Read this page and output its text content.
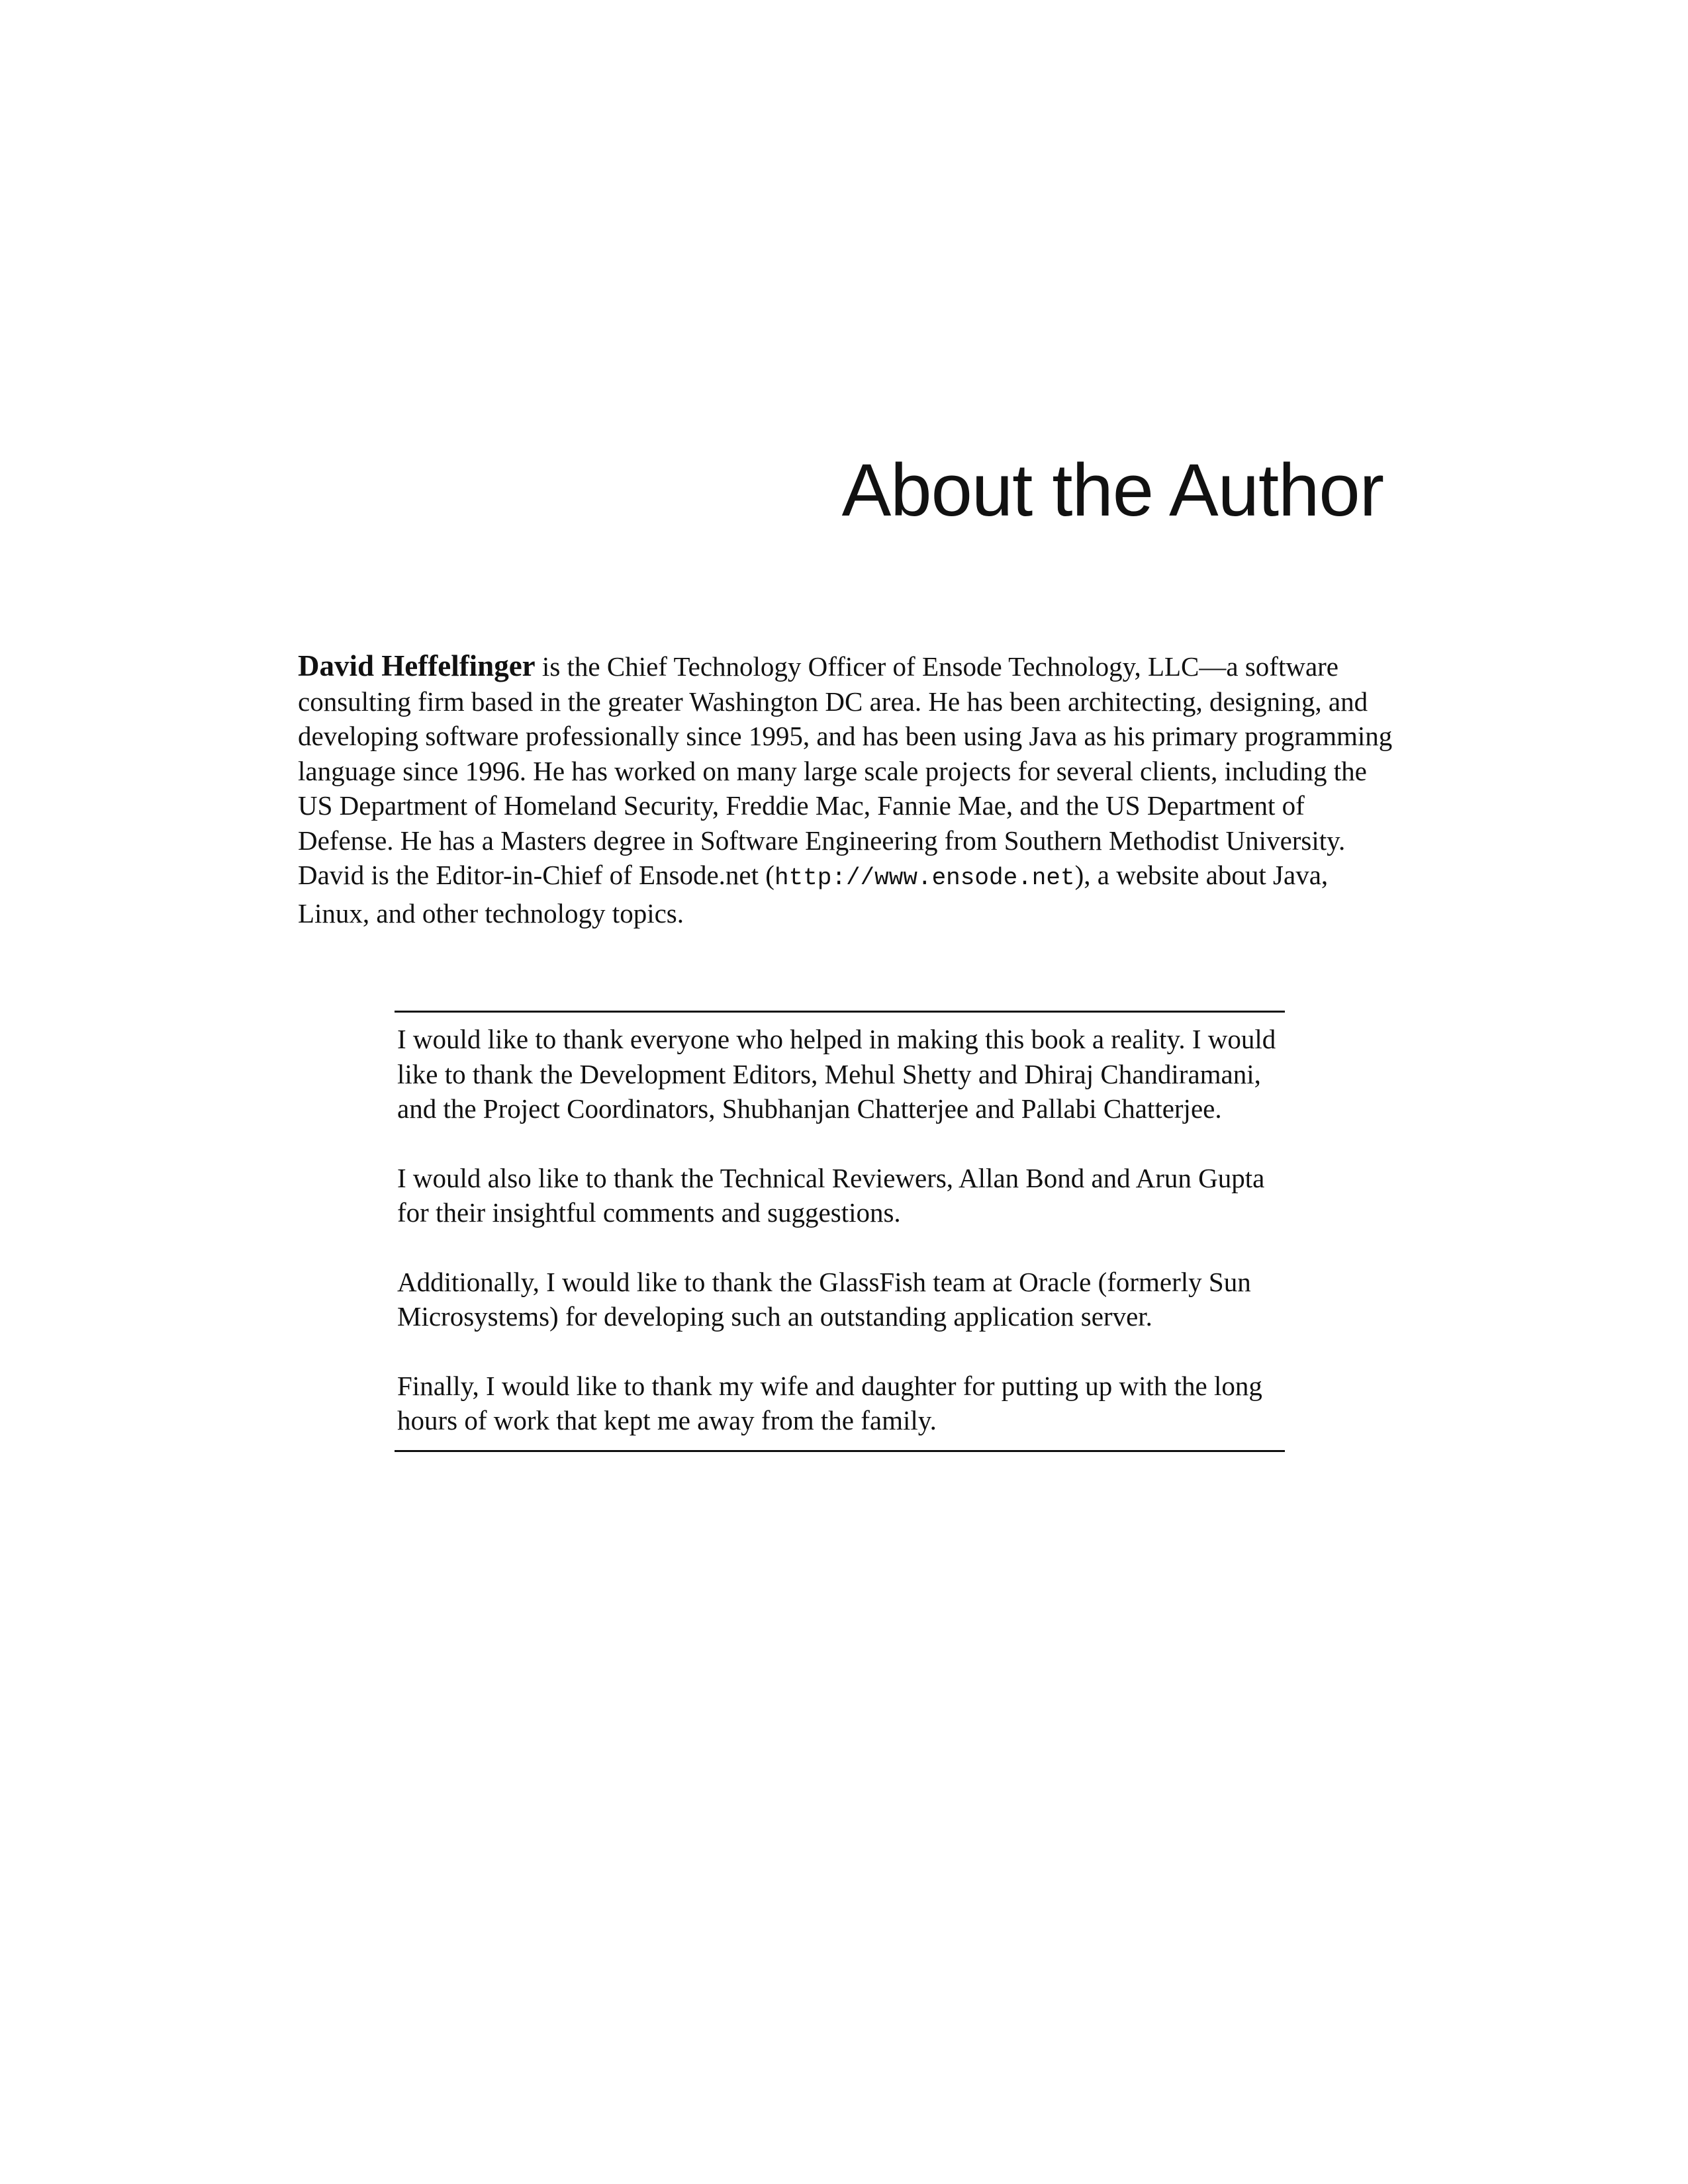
About the Author

David Heffelfinger is the Chief Technology Officer of Ensode Technology, LLC—a software consulting firm based in the greater Washington DC area. He has been architecting, designing, and developing software professionally since 1995, and has been using Java as his primary programming language since 1996. He has worked on many large scale projects for several clients, including the US Department of Homeland Security, Freddie Mac, Fannie Mae, and the US Department of Defense. He has a Masters degree in Software Engineering from Southern Methodist University. David is the Editor-in-Chief of Ensode.net (http://www.ensode.net), a website about Java, Linux, and other technology topics.

I would like to thank everyone who helped in making this book a reality. I would like to thank the Development Editors, Mehul Shetty and Dhiraj Chandiramani, and the Project Coordinators, Shubhanjan Chatterjee and Pallabi Chatterjee.

I would also like to thank the Technical Reviewers, Allan Bond and Arun Gupta for their insightful comments and suggestions.

Additionally, I would like to thank the GlassFish team at Oracle (formerly Sun Microsystems) for developing such an outstanding application server.

Finally, I would like to thank my wife and daughter for putting up with the long hours of work that kept me away from the family.
